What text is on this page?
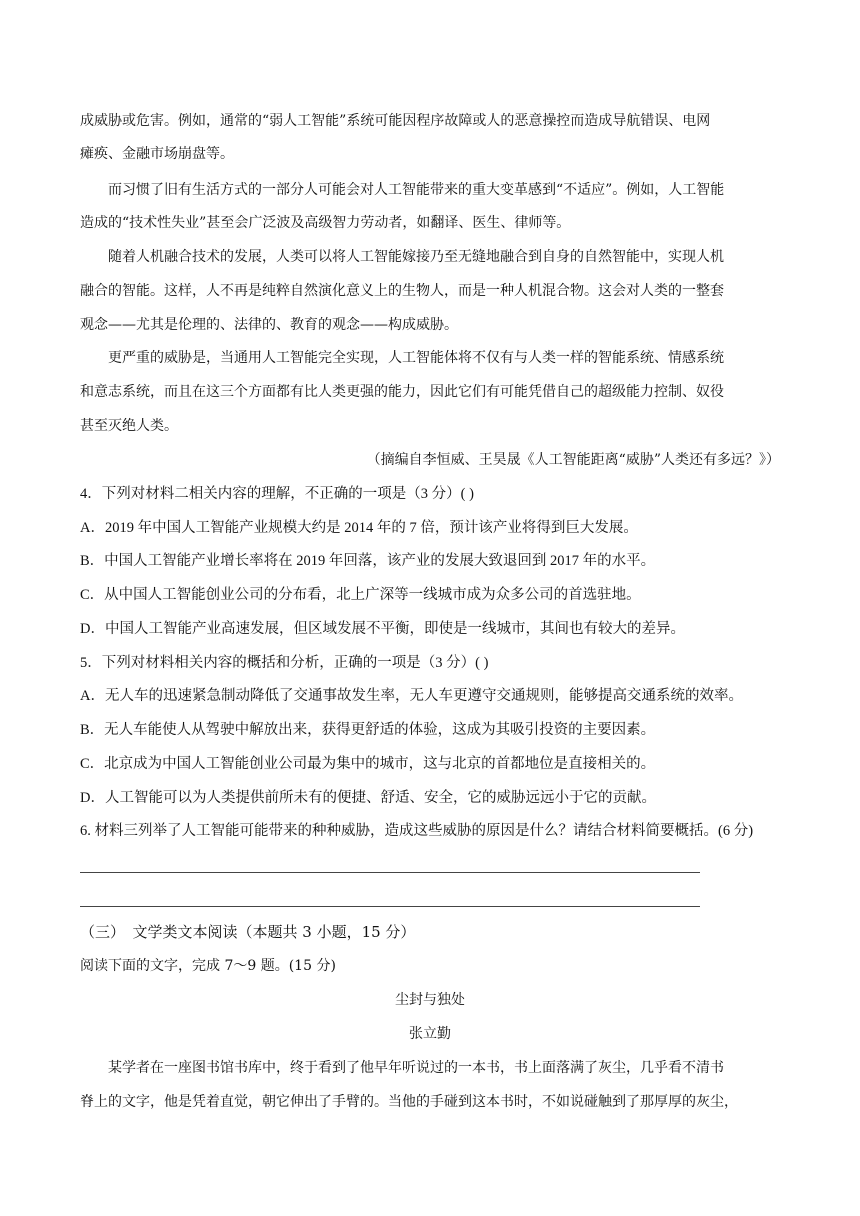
成威胁或危害。例如，通常的“弱人工智能”系统可能因程序故障或人的恶意操控而造成导航错误、电网
瘫痪、金融市场崩盘等。
而习惯了旧有生活方式的一部分人可能会对人工智能带来的重大变革感到“不适应”。例如，人工智能
造成的“技术性失业”甚至会广泛波及高级智力劳动者，如翻译、医生、律师等。
随着人机融合技术的发展，人类可以将人工智能嫁接乃至无缝地融合到自身的自然智能中，实现人机
融合的智能。这样，人不再是纯粹自然演化意义上的生物人，而是一种人机混合物。这会对人类的一整套
观念——尤其是伦理的、法律的、教育的观念——构成威胁。
更严重的威胁是，当通用人工智能完全实现，人工智能体将不仅有与人类一样的智能系统、情感系统
和意志系统，而且在这三个方面都有比人类更强的能力，因此它们有可能凭借自己的超级能力控制、奴役
甚至灭绝人类。
（摘编自李恒威、王昊晟《人工智能距离“威胁”人类还有多远？》）
4．下列对材料二相关内容的理解，不正确的一项是（3 分）( )
A．2019 年中国人工智能产业规模大约是 2014 年的 7 倍，预计该产业将得到巨大发展。
B．中国人工智能产业增长率将在 2019 年回落，该产业的发展大致退回到 2017 年的水平。
C．从中国人工智能创业公司的分布看，北上广深等一线城市成为众多公司的首选驻地。
D．中国人工智能产业高速发展，但区域发展不平衡，即使是一线城市，其间也有较大的差异。
5．下列对材料相关内容的概括和分析，正确的一项是（3 分）( )
A．无人车的迅速紧急制动降低了交通事故发生率，无人车更遵守交通规则，能够提高交通系统的效率。
B．无人车能使人从驾驶中解放出来，获得更舒适的体验，这成为其吸引投资的主要因素。
C．北京成为中国人工智能创业公司最为集中的城市，这与北京的首都地位是直接相关的。
D．人工智能可以为人类提供前所未有的便捷、舒适、安全，它的威胁远远小于它的贡献。
6. 材料三列举了人工智能可能带来的种种威胁，造成这些威胁的原因是什么？请结合材料简要概括。(6 分)
（三）　文学类文本阅读（本题共 3 小题，15 分）
阅读下面的文字，完成 7～9 题。(15 分)
尘封与独处
张立勤
某学者在一座图书馆书库中，终于看到了他早年听说过的一本书，书上面落满了灰尘，几乎看不清书
脊上的文字，他是凭着直觉，朝它伸出了手臂的。当他的手碰到这本书时，不如说碰触到了那厚厚的灰尘，
